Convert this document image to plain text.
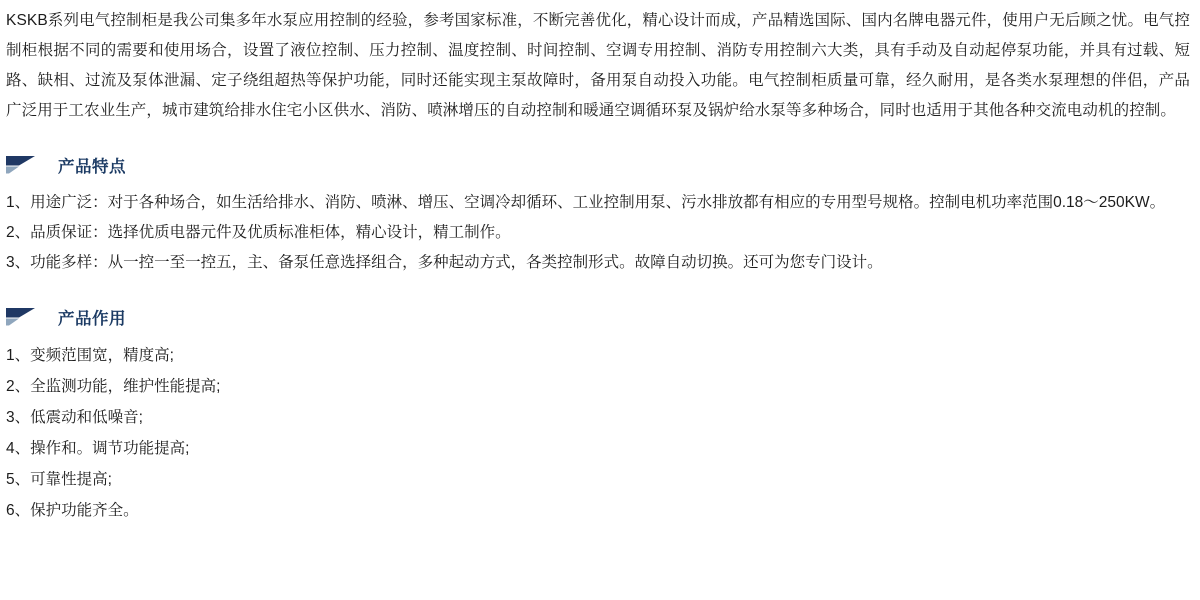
KSKB系列电气控制柜是我公司集多年水泵应用控制的经验，参考国家标准，不断完善优化，精心设计而成，产品精选国际、国内名牌电器元件，使用户无后顾之忧。电气控制柜根据不同的需要和使用场合，设置了液位控制、压力控制、温度控制、时间控制、空调专用控制、消防专用控制六大类，具有手动及自动起停泵功能，并具有过载、短路、缺相、过流及泵体泄漏、定子绕组超热等保护功能，同时还能实现主泵故障时，备用泵自动投入功能。电气控制柜质量可靠，经久耐用，是各类水泵理想的伴侣，产品广泛用于工农业生产，城市建筑给排水住宅小区供水、消防、喷淋增压的自动控制和暖通空调循环泵及锅炉给水泵等多种场合，同时也适用于其他各种交流电动机的控制。

产品特点
1、用途广泛：对于各种场合，如生活给排水、消防、喷淋、增压、空调冷却循环、工业控制用泵、污水排放都有相应的专用型号规格。控制电机功率范围0.18～250KW。
2、品质保证：选择优质电器元件及优质标准柜体，精心设计，精工制作。
3、功能多样：从一控一至一控五，主、备泵任意选择组合，多种起动方式，各类控制形式。故障自动切换。还可为您专门设计。
产品作用
1、变频范围宽，精度高;
2、全监测功能，维护性能提高;
3、低震动和低噪音;
4、操作和。调节功能提高;
5、可靠性提高;
6、保护功能齐全。
